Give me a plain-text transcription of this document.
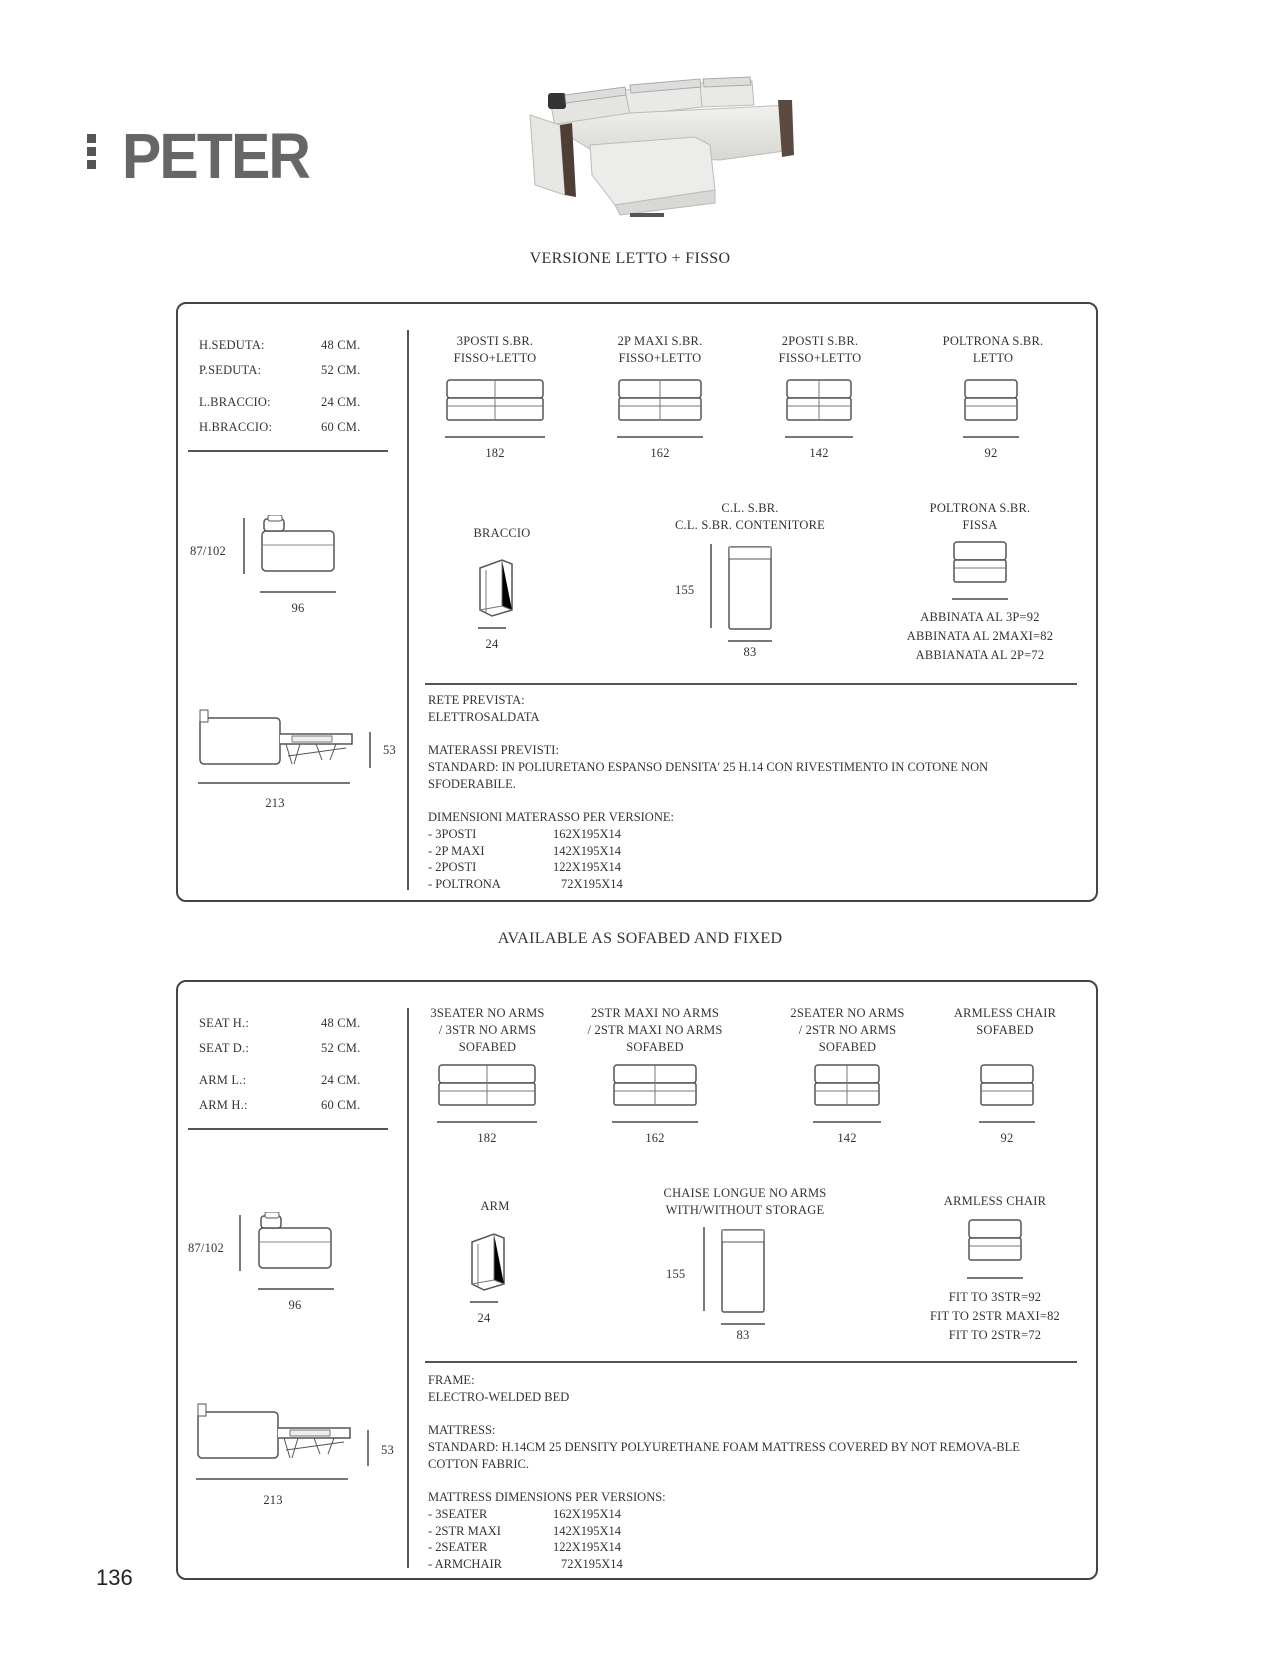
PETER
VERSIONE LETTO + FISSO
H.SEDUTA:	48 CM.
P.SEDUTA:	52 CM.
L.BRACCIO:	24 CM.
H.BRACCIO:	60 CM.
87/102
96
53
213
3POSTI S.BR.
FISSO+LETTO
182
2P MAXI S.BR.
FISSO+LETTO
162
2POSTI S.BR.
FISSO+LETTO
142
POLTRONA S.BR.
LETTO
92
BRACCIO
24
C.L. S.BR.
C.L. S.BR. CONTENITORE
155
83
POLTRONA S.BR.
FISSA
ABBINATA AL 3P=92
ABBINATA AL 2MAXI=82
ABBIANATA AL 2P=72
RETE PREVISTA:
ELETTROSALDATA
MATERASSI PREVISTI:
STANDARD: IN POLIURETANO ESPANSO DENSITA' 25 H.14 CON RIVESTIMENTO IN COTONE NON SFODERABILE.
DIMENSIONI MATERASSO PER VERSIONE:
- 3POSTI	162X195X14
- 2P MAXI	142X195X14
- 2POSTI	122X195X14
- POLTRONA	72X195X14
AVAILABLE AS SOFABED AND FIXED
SEAT H.:	48 CM.
SEAT D.:	52 CM.
ARM L.:	24 CM.
ARM H.:	60 CM.
87/102
96
53
213
3SEATER NO ARMS
/ 3STR NO ARMS
SOFABED
182
2STR MAXI NO ARMS
/ 2STR MAXI NO ARMS
SOFABED
162
2SEATER NO ARMS
/ 2STR NO ARMS
SOFABED
142
ARMLESS CHAIR
SOFABED
92
ARM
24
CHAISE LONGUE NO ARMS
WITH/WITHOUT STORAGE
155
83
ARMLESS CHAIR
FIT TO 3STR=92
FIT TO 2STR MAXI=82
FIT TO 2STR=72
FRAME:
ELECTRO-WELDED BED
MATTRESS:
STANDARD: H.14CM 25 DENSITY POLYURETHANE FOAM MATTRESS COVERED BY NOT REMOVA-BLE COTTON FABRIC.
MATTRESS DIMENSIONS PER VERSIONS:
- 3SEATER	162X195X14
- 2STR MAXI	142X195X14
- 2SEATER	122X195X14
- ARMCHAIR	72X195X14
136
